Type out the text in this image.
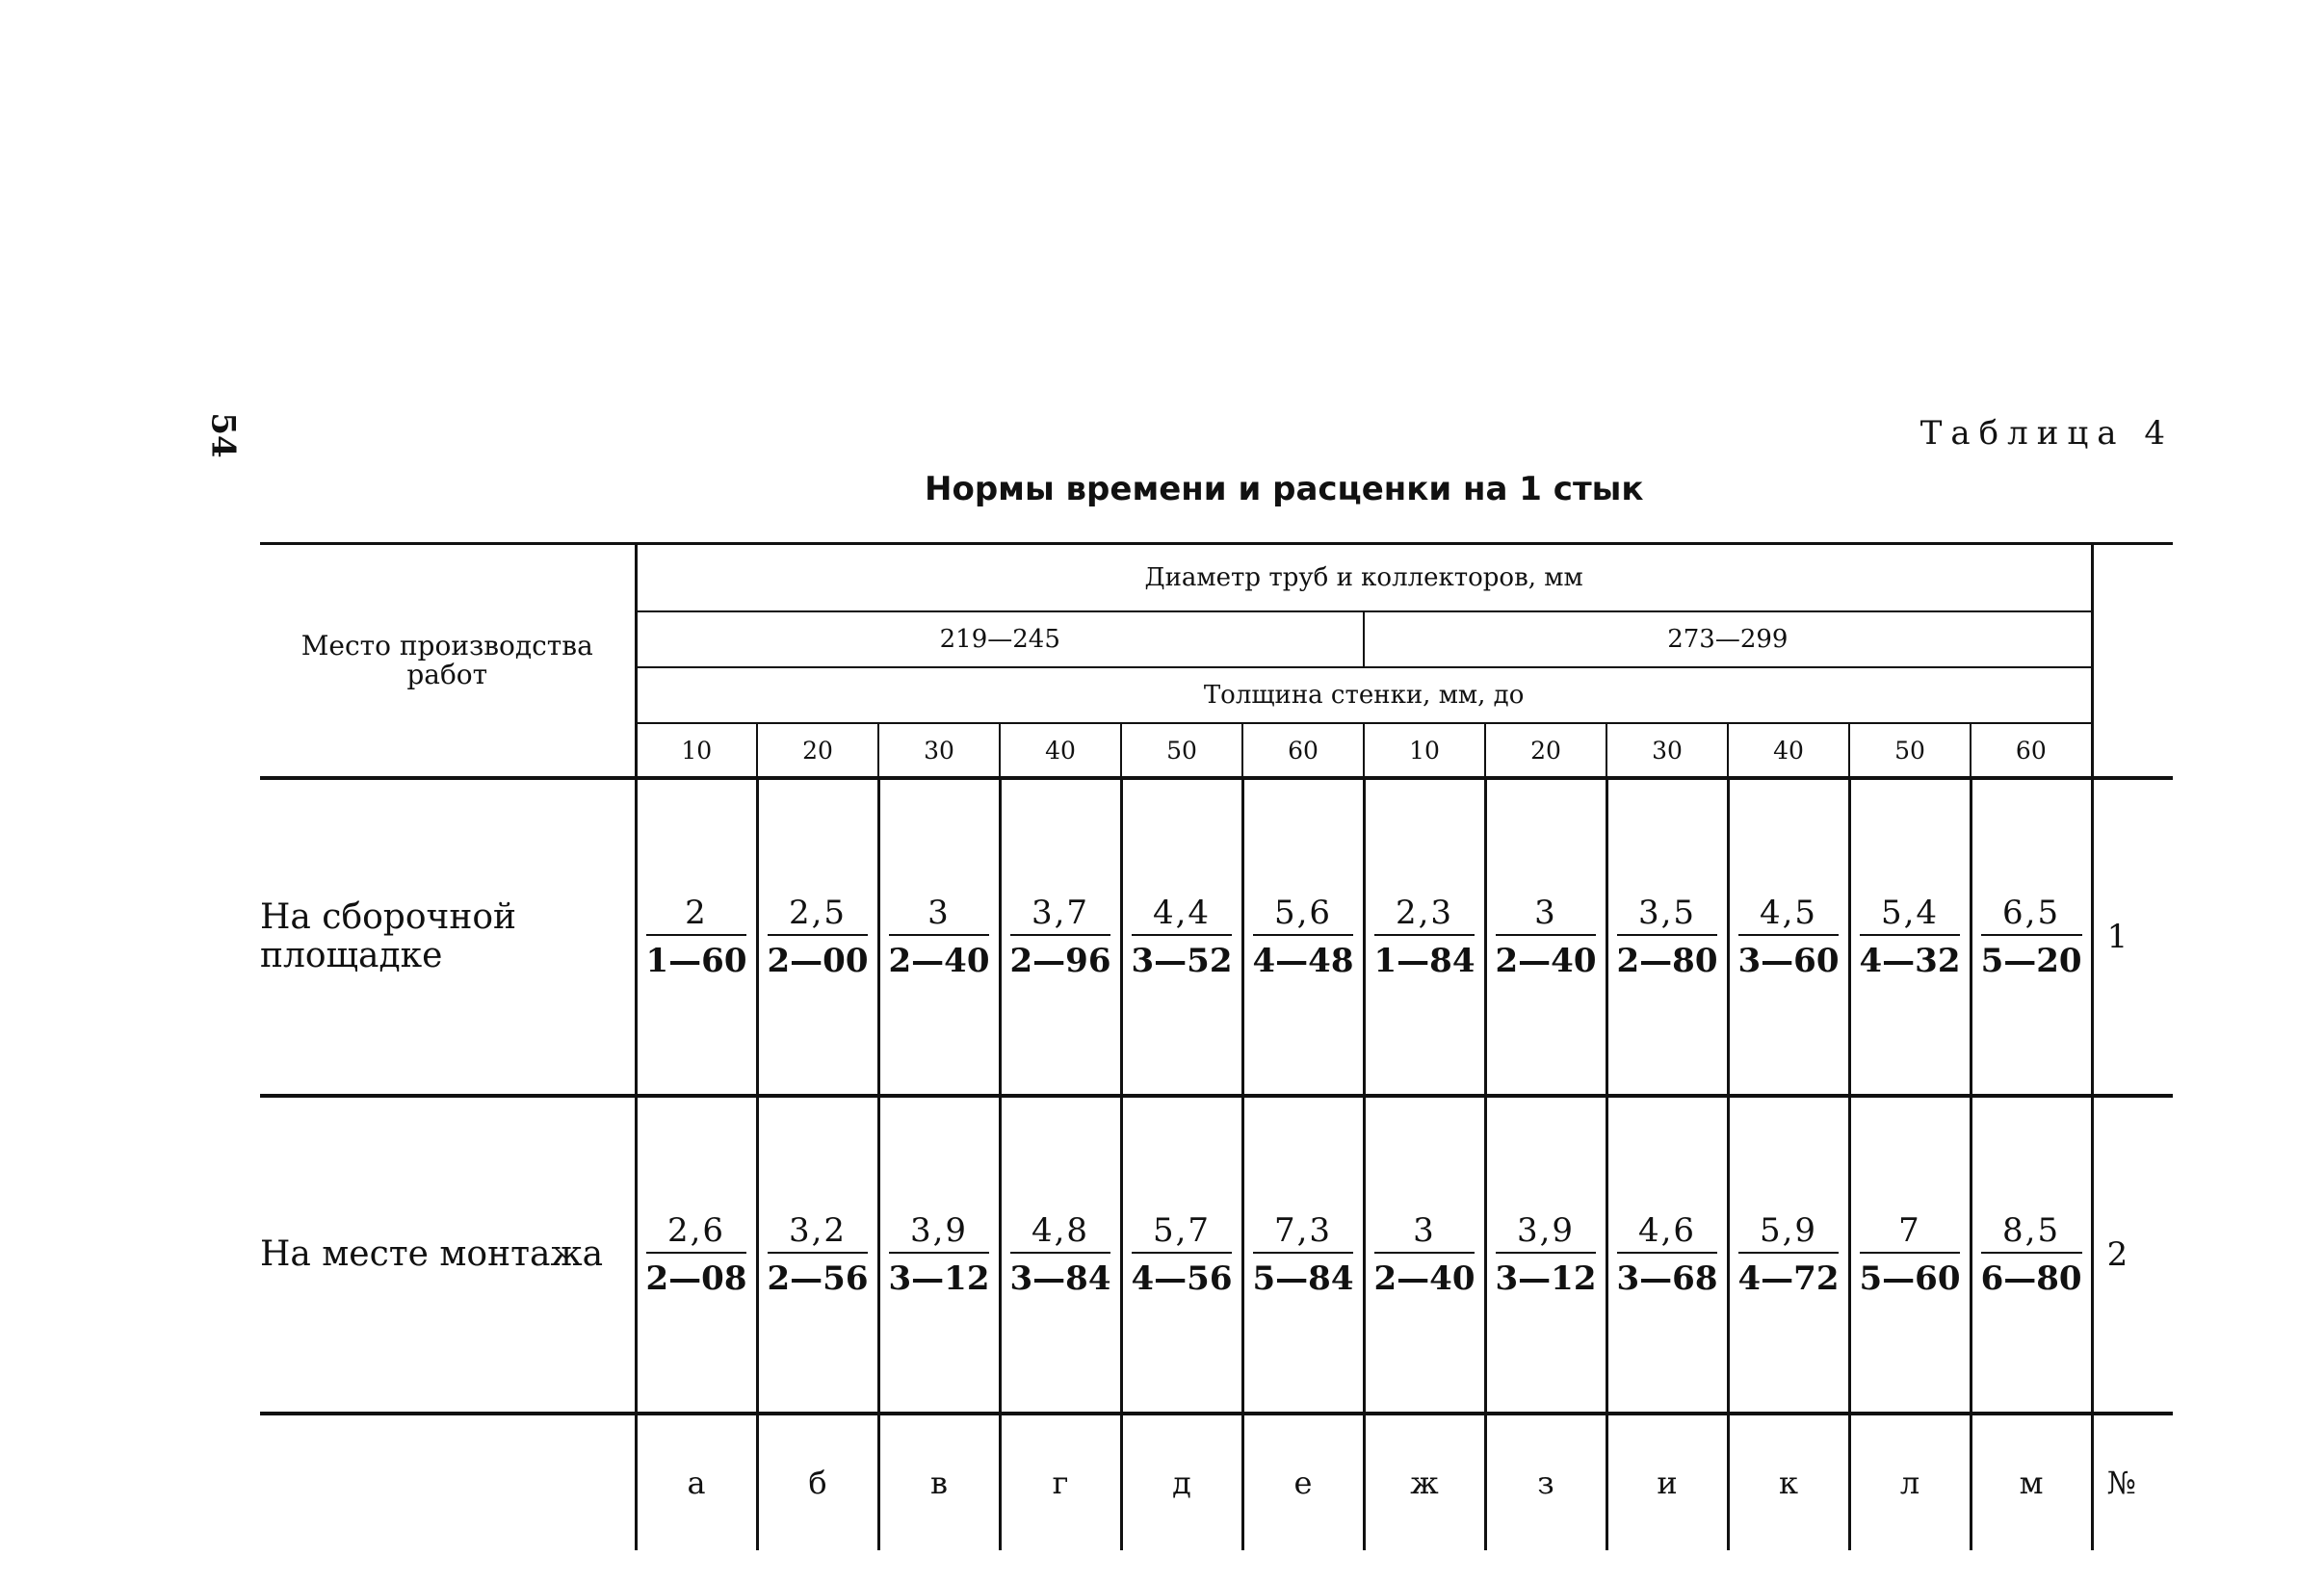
54	Таблица 4
Нормы времени и расценки на 1 стык
Место производства работ	Диаметр труб и коллекторов, мм												
	219—245						273—299						
	Толщина стенки, мм, до												
	10	20	30	40	50	60	10	20	30	40	50	60	
На сборочной площадке	$\frac{2}{1—60}$	$\frac{2,5}{2—00}$	$\frac{3}{2—40}$	$\frac{3,7}{2—96}$	$\frac{4,4}{3—52}$	$\frac{5,6}{4—48}$	$\frac{2,3}{1—84}$	$\frac{3}{2—40}$	$\frac{3,5}{2—80}$	$\frac{4,5}{3—60}$	$\frac{5,4}{4—32}$	$\frac{6,5}{5—20}$	1
На месте монтажа	$\frac{2,6}{2—08}$	$\frac{3,2}{2—56}$	$\frac{3,9}{3—12}$	$\frac{4,8}{3—84}$	$\frac{5,7}{4—56}$	$\frac{7,3}{5—84}$	$\frac{3}{2—40}$	$\frac{3,9}{3—12}$	$\frac{4,6}{3—68}$	$\frac{5,9}{4—72}$	$\frac{7}{5—60}$	$\frac{8,5}{6—80}$	2
	а	б	в	г	д	е	ж	з	и	к	л	м	№
